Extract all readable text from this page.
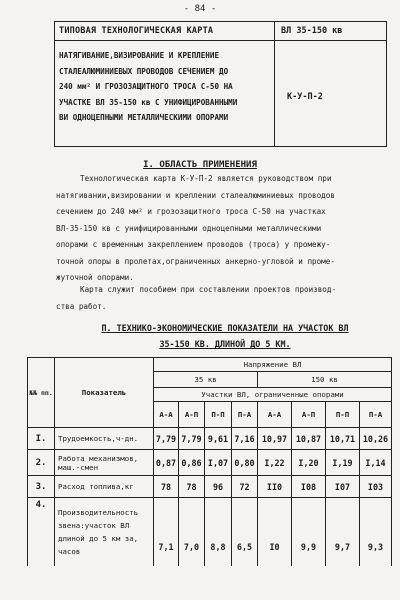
- 84 -
ТИПОВАЯ ТЕХНОЛОГИЧЕСКАЯ КАРТА	ВЛ 35-150 кв
НАТЯГИВАНИЕ,ВИЗИРОВАНИЕ И КРЕПЛЕНИЕ
СТАЛЕАЛЮМИНИЕВЫХ ПРОВОДОВ СЕЧЕНИЕМ ДО
240 мм² И ГРОЗОЗАЩИТНОГО ТРОСА С-50 НА
УЧАСТКЕ ВЛ 35-150 кв С УНИФИЦИРОВАННЫМИ
ВИ ОДНОЦЕПНЫМИ МЕТАЛЛИЧЕСКИМИ ОПОРАМИ
К-У-П-2
I. ОБЛАСТЬ ПРИМЕНЕНИЯ
Технологическая карта К-У-П-2 является руководством при
натягивании,визировании и креплении сталеалюминиевых проводов
сечением до 240 мм² и грозозащитного троса С-50 на участках
ВЛ-35-150 кв с унифицированными одноцепными металлическими
опорами с временным закреплением проводов (троса) у промежу-
точной опоры в пролетах,ограниченных анкерно-угловой и проме-
жуточной опорами.
Карта служит пособием при составлении проектов производ-
ства работ.
П. ТЕХНИКО-ЭКОНОМИЧЕСКИЕ ПОКАЗАТЕЛИ НА УЧАСТОК ВЛ
35-150 КВ. ДЛИНОЙ ДО 5 КМ.
№№ пп.	Показатель	Напряжение ВЛ							
		35 кв				150 кв			
		Участки ВЛ, ограниченные опорами							
		А-А	А-П	П-П	П-А	А-А	А-П	П-П	П-А
I.	Трудоемкость,ч-дн.	7,79	7,79	9,61	7,16	10,97	10,87	10,71	10,26
2.	Работа механизмов, маш.-смен	0,87	0,86	I,07	0,80	I,22	I,20	I,19	I,14
3.	Расход топлива,кг	78	78	96	72	II0	I08	I07	I03
4.	Производительность звена:участок ВЛ длиной до 5 км за, часов	7,1	7,0	8,8	6,5	I0	9,9	9,7	9,3
